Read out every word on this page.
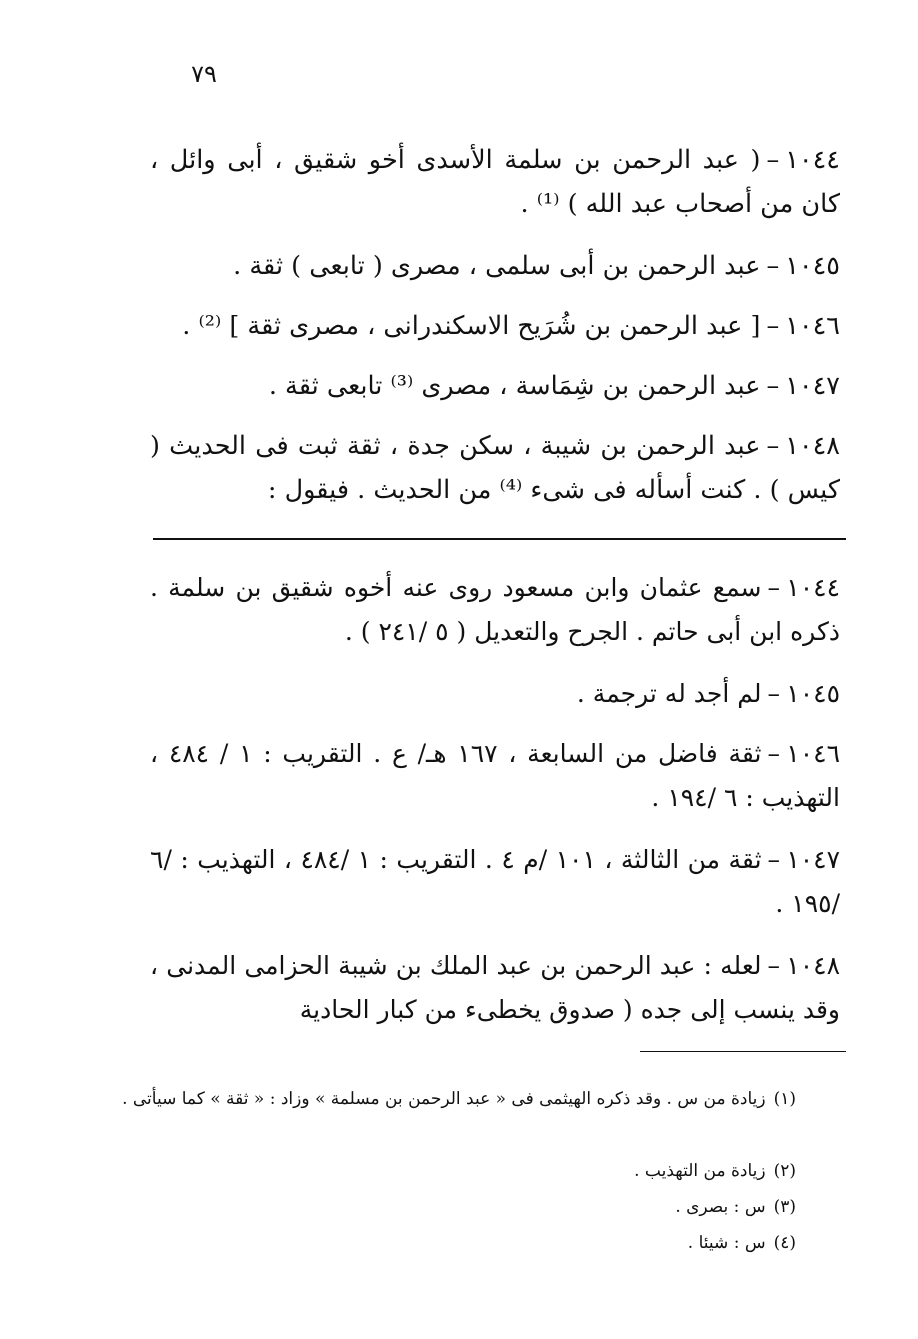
٧٩
١٠٤٤–( عبد الرحمن بن سلمة الأسدى أخو شقيق ، أبى وائل ، كان من أصحاب عبد الله ) ⁽¹⁾ .
١٠٤٥–عبد الرحمن بن أبى سلمى ، مصرى ( تابعى ) ثقة .
١٠٤٦–[ عبد الرحمن بن شُرَيح الاسكندرانى ، مصرى ثقة ] ⁽²⁾ .
١٠٤٧–عبد الرحمن بن شِمَاسة ، مصرى ⁽³⁾ تابعى ثقة .
١٠٤٨–عبد الرحمن بن شيبة ، سكن جدة ، ثقة ثبت فى الحديث ( كيس ) . كنت أسأله فى شىء ⁽⁴⁾ من الحديث . فيقول :
١٠٤٤–سمع عثمان وابن مسعود روى عنه أخوه شقيق بن سلمة . ذكره ابن أبى حاتم . الجرح والتعديل ( ٥ /٢٤١ ) .
١٠٤٥–لم أجد له ترجمة .
١٠٤٦–ثقة فاضل من السابعة ، ١٦٧ هـ/ ع . التقريب : ١ / ٤٨٤ ، التهذيب : ٦ /١٩٤ .
١٠٤٧–ثقة من الثالثة ، ١٠١ /م ٤ . التقريب : ١ /٤٨٤ ، التهذيب : /٦ /١٩٥ .
١٠٤٨–لعله : عبد الرحمن بن عبد الملك بن شيبة الحزامى المدنى ، وقد ينسب إلى جده ( صدوق يخطىء من كبار الحادية
(١)زيادة من س . وقد ذكره الهيثمى فى « عبد الرحمن بن مسلمة » وزاد : « ثقة » كما سيأتى .
(٢)زيادة من التهذيب .
(٣)س : بصرى .
(٤)س : شيئا .
